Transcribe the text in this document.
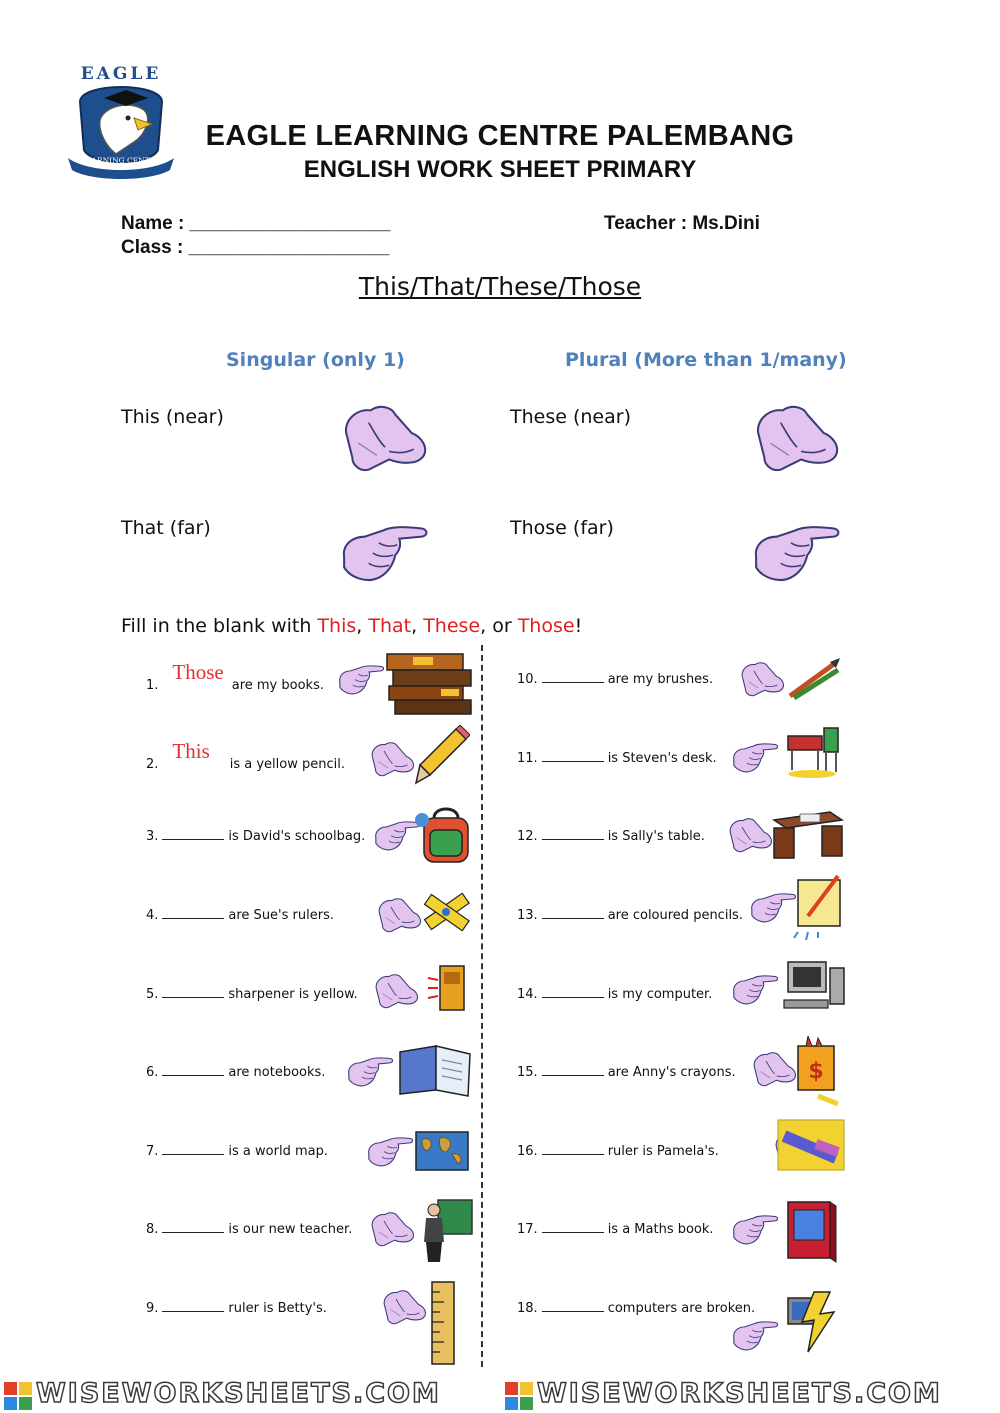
EAGLE
LEARNING CENTRE
EAGLE LEARNING CENTRE PALEMBANG
ENGLISH WORK SHEET PRIMARY
Name : ___________________
Class : ___________________
Teacher : Ms.Dini
This/That/These/Those
Singular (only 1)	Plural (More than 1/many)
This (near)
That (far)
These (near)
Those (far)
Fill in the blank with This, That, These, or Those!
1.Thoseare my books.
2.Thisis a yellow pencil.
3.	is David's schoolbag.
4.	are Sue's rulers.
5.	sharpener is yellow.
6.	are notebooks.
7.	is a world map.
8.	is our new teacher.
9.	ruler is Betty's.
10.	are my brushes.
11.	is Steven's desk.
12.	is Sally's table.
13.	are coloured pencils.
14.	is my computer.
15.	are Anny's crayons.
16.	ruler is Pamela's.
17.	is a Maths book.
18.	computers are broken.
$
WISEWORKSHEETS.COM	WISEWORKSHEETS.COM
